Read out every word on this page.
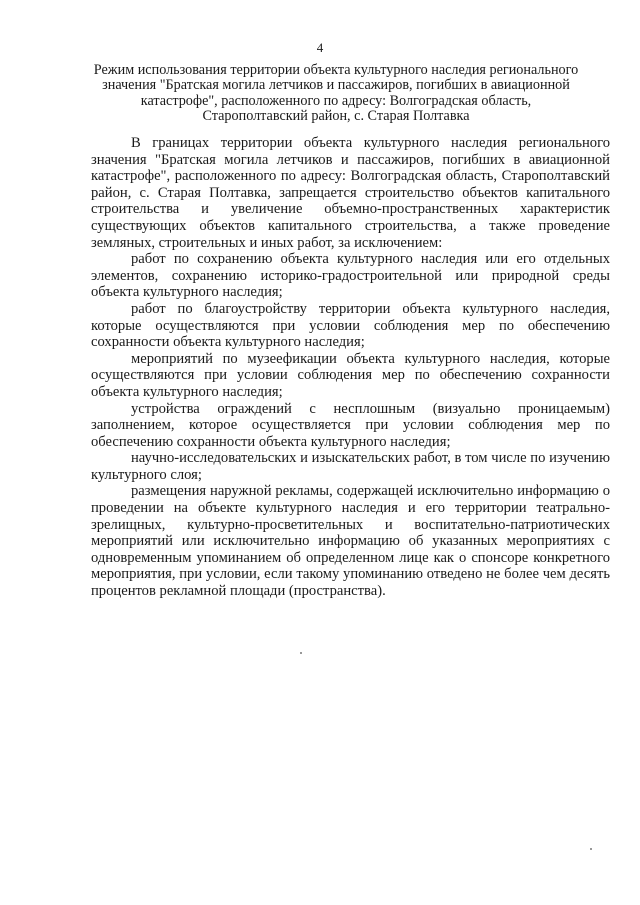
4
Режим использования территории объекта культурного наследия регионального
значения "Братская могила летчиков и пассажиров, погибших в авиационной
катастрофе", расположенного по адресу: Волгоградская область,
Старополтавский район, с. Старая Полтавка

В границах территории объекта культурного наследия регионального значения "Братская могила летчиков и пассажиров, погибших в авиационной катастрофе", расположенного по адресу: Волгоградская область, Старополтавский район, с. Старая Полтавка, запрещается строительство объектов капитального строительства и увеличение объемно-пространственных характеристик существующих объектов капитального строительства, а также проведение земляных, строительных и иных работ, за исключением:

работ по сохранению объекта культурного наследия или его отдельных элементов, сохранению историко-градостроительной или природной среды объекта культурного наследия;

работ по благоустройству территории объекта культурного наследия, которые осуществляются при условии соблюдения мер по обеспечению сохранности объекта культурного наследия;

мероприятий по музеефикации объекта культурного наследия, которые осуществляются при условии соблюдения мер по обеспечению сохранности объекта культурного наследия;

устройства ограждений с несплошным (визуально проницаемым) заполнением, которое осуществляется при условии соблюдения мер по обеспечению сохранности объекта культурного наследия;

научно-исследовательских и изыскательских работ, в том числе по изучению культурного слоя;

размещения наружной рекламы, содержащей исключительно информацию о проведении на объекте культурного наследия и его территории театрально-зрелищных, культурно-просветительных и воспитательно-патриотических мероприятий или исключительно информацию об указанных мероприятиях с одновременным упоминанием об определенном лице как о спонсоре конкретного мероприятия, при условии, если такому упоминанию отведено не более чем десять процентов рекламной площади (пространства).
